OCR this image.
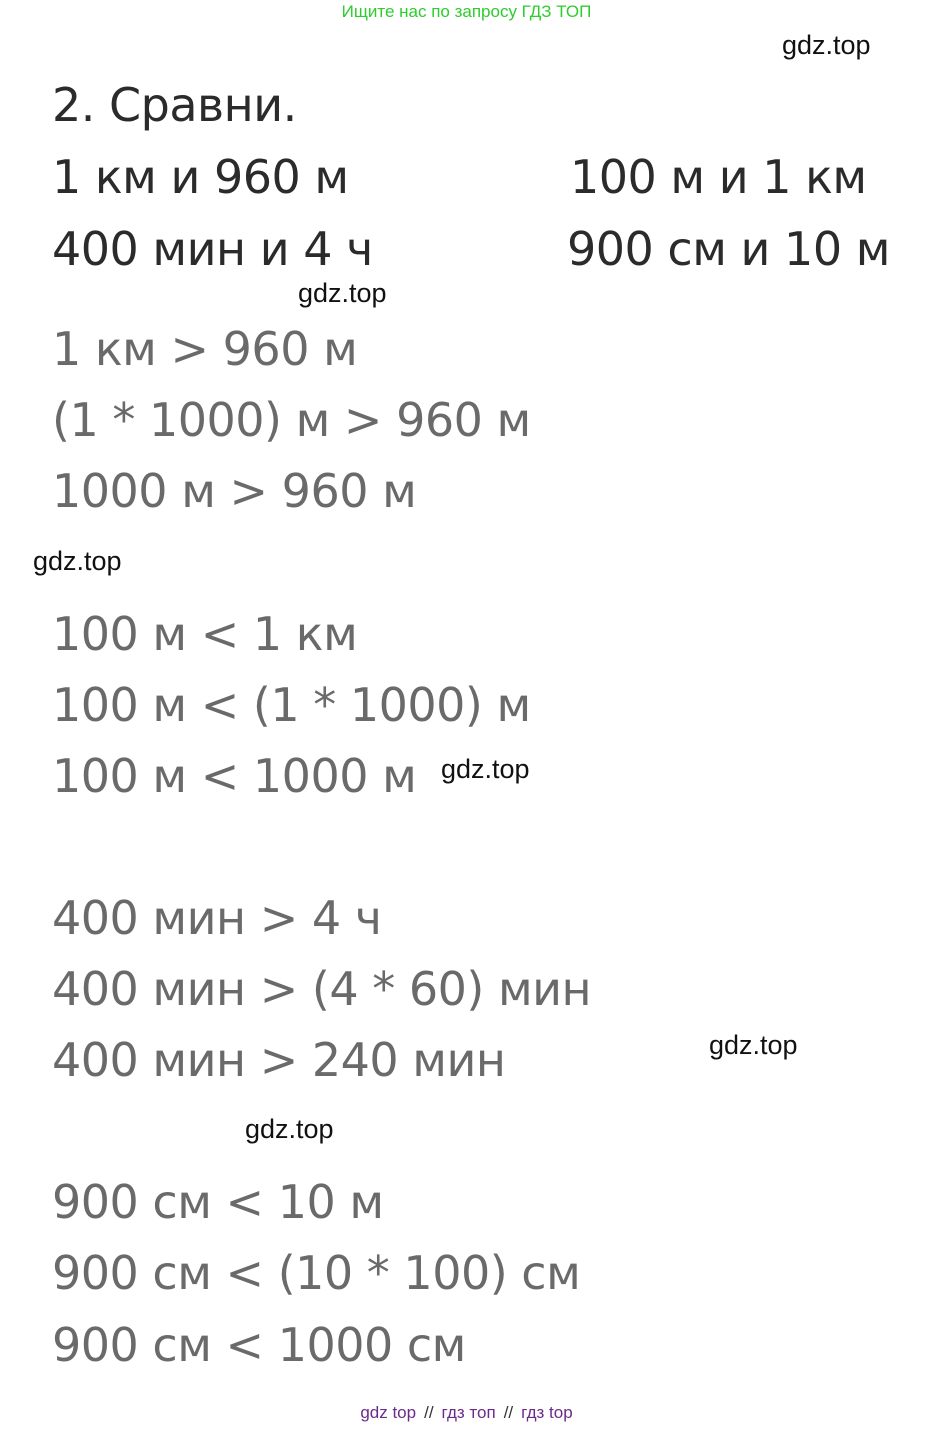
Ищите нас по запросу ГДЗ ТОП
gdz.top
2. Сравни.
1 км и 960 м	100 м и 1 км
400 мин и 4 ч	900 см и 10 м
gdz.top
1 км > 960 м
(1 * 1000) м > 960 м
1000 м > 960 м
gdz.top
100 м < 1 км
100 м < (1 * 1000) м
100 м < 1000 м gdz.top
400 мин > 4 ч
400 мин > (4 * 60) мин
400 мин > 240 мин	gdz.top
gdz.top
900 см < 10 м
900 см < (10 * 100) см
900 см < 1000 см
gdz top // гдз топ // гдз top
